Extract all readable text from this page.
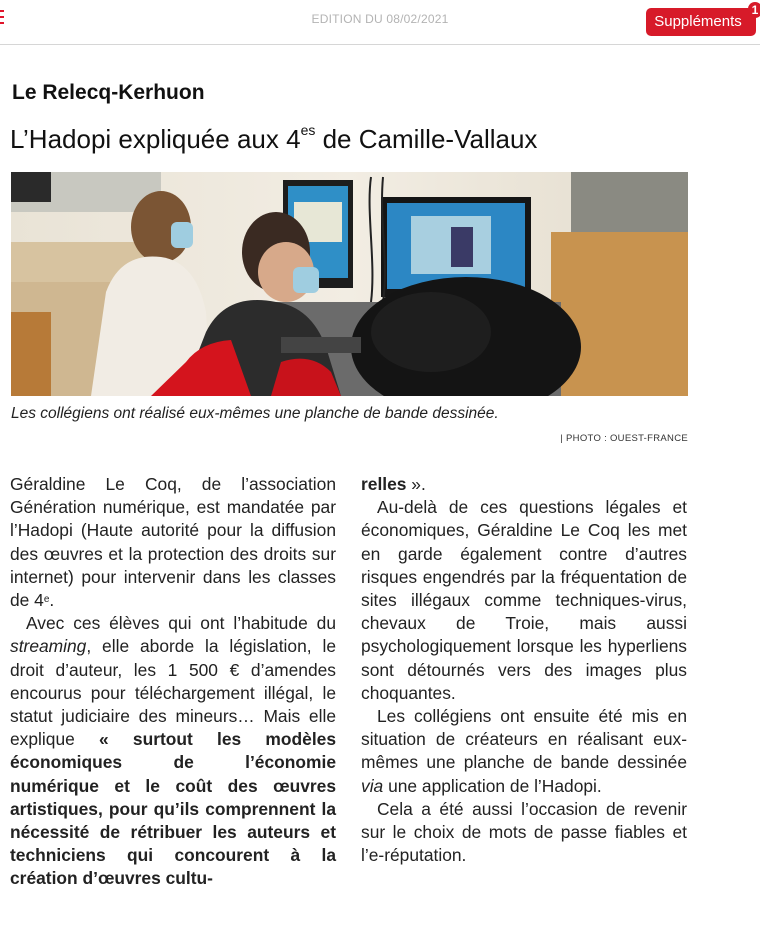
EDITION DU 08/02/2021	Suppléments
1
Le Relecq-Kerhuon
L’Hadopi expliquée aux $4^{es}$ de Camille-Vallaux
Les collégiens ont réalisé eux-mêmes une planche de bande dessinée.
| PHOTO : OUEST-FRANCE

Géraldine Le Coq, de l’association Génération numérique, est mandatée par l’Hadopi (Haute autorité pour la diffusion des œuvres et la protection des droits sur internet) pour intervenir dans les classes de 4e.

Avec ces élèves qui ont l’habitude du streaming, elle aborde la législation, le droit d’auteur, les 1 500 € d’amendes encourus pour téléchargement illégal, le statut judiciaire des mineurs… Mais elle explique « surtout les modèles économiques de l’économie numérique et le coût des œuvres artistiques, pour qu’ils comprennent la nécessité de rétribuer les auteurs et techniciens qui concourent à la création d’œuvres cultu-

relles ».

Au-delà de ces questions légales et économiques, Géraldine Le Coq les met en garde également contre d’autres risques engendrés par la fréquentation de sites illégaux comme techniques-virus, chevaux de Troie, mais aussi psychologiquement lorsque les hyperliens sont détournés vers des images plus choquantes.

Les collégiens ont ensuite été mis en situation de créateurs en réalisant eux-mêmes une planche de bande dessinée via une application de l’Hadopi.

Cela a été aussi l’occasion de revenir sur le choix de mots de passe fiables et l’e-réputation.
